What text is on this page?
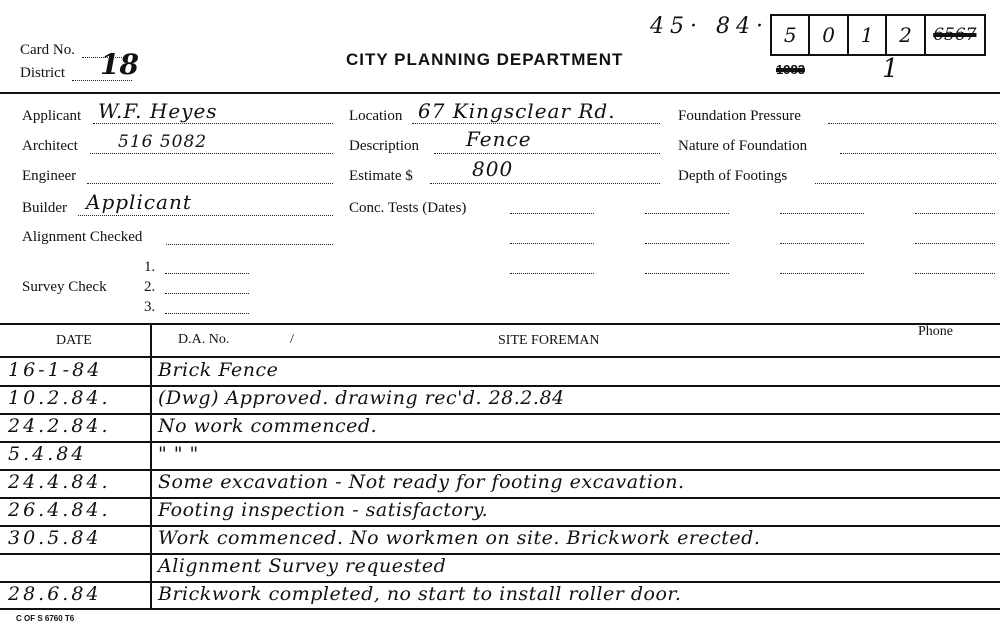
Card No.
District 18	CITY PLANNING DEPARTMENT
45· 84· 5	0	1	2	6567
1983	1
Applicant W.F. Heyes
Architect 516 5082
Engineer
Builder Applicant
Alignment Checked
Survey Check
1.
2.
3.
Location 67 Kingsclear Rd.
Description Fence
Estimate $	800
Conc. Tests (Dates)
Foundation Pressure
Nature of Foundation
Depth of Footings
DATE	D.A. No.	/	SITE FOREMAN
Phone
16-1-84	Brick Fence
10.2.84. (Dwg) Approved. drawing rec'd. 28.2.84
24.2.84. No work commenced.
5.4.84	" " "
24.4.84. Some excavation - Not ready for footing excavation.
26.4.84. Footing inspection - satisfactory.
30.5.84	Work commenced. No workmen on site. Brickwork erected.
Alignment Survey requested
28.6.84	Brickwork completed, no start to install roller door.
C OF S 6760 T6
